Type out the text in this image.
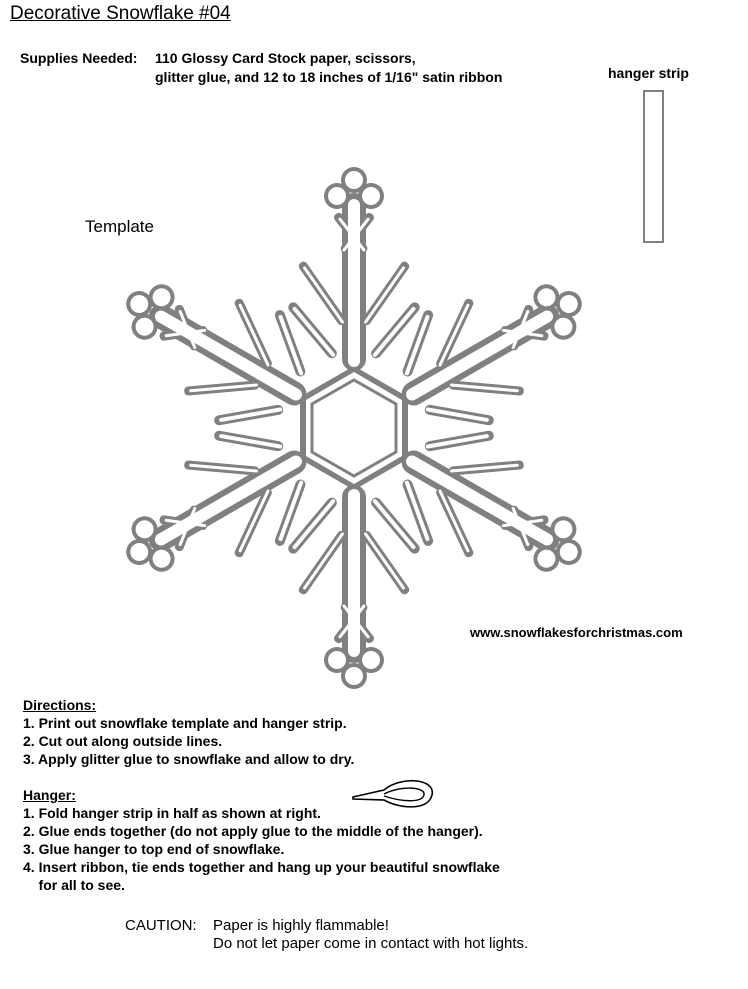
Decorative Snowflake #04
Supplies Needed: 110 Glossy Card Stock paper, scissors,
glitter glue, and 12 to 18 inches of 1/16" satin ribbon	hanger strip
Template
www.snowflakesforchristmas.com
Directions:
1. Print out snowflake template and hanger strip.
2. Cut out along outside lines.
3. Apply glitter glue to snowflake and allow to dry.
Hanger:
1. Fold hanger strip in half as shown at right.
2. Glue ends together (do not apply glue to the middle of the hanger).
3. Glue hanger to top end of snowflake.
4. Insert ribbon, tie ends together and hang up your beautiful snowflake
for all to see.
CAUTION: Paper is highly flammable!
Do not let paper come in contact with hot lights.
